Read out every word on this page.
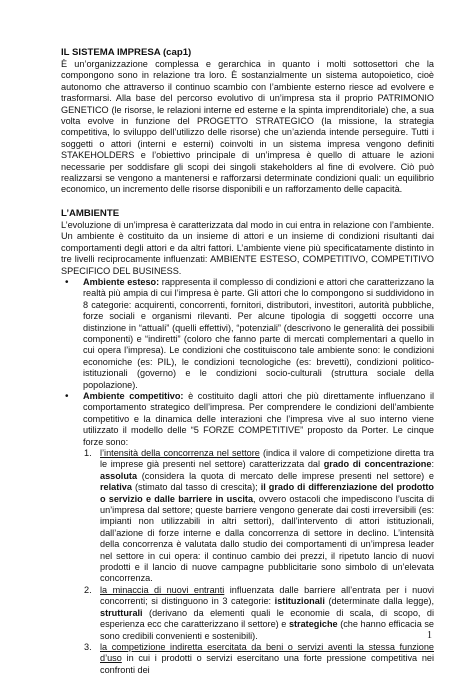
IL SISTEMA IMPRESA (cap1)

È un’organizzazione complessa e gerarchica in quanto i molti sottosettori che la compongono sono in relazione tra loro. È sostanzialmente un sistema autopoietico, cioè autonomo che attraverso il continuo scambio con l’ambiente esterno riesce ad evolvere e trasformarsi. Alla base del percorso evolutivo di un’impresa sta il proprio PATRIMONIO GENETICO (le risorse, le relazioni interne ed esterne e la spinta imprenditoriale) che, a sua volta evolve in funzione del PROGETTO STRATEGICO (la missione, la strategia competitiva, lo sviluppo dell’utilizzo delle risorse) che un’azienda intende perseguire. Tutti i soggetti o attori (interni e esterni) coinvolti in un sistema impresa vengono definiti STAKEHOLDERS e l’obiettivo principale di un’impresa è quello di attuare le azioni necessarie per soddisfare gli scopi dei singoli stakeholders al fine di evolvere. Ciò può realizzarsi se vengono a mantenersi e rafforzarsi determinate condizioni quali: un equilibrio economico, un incremento delle risorse disponibili e un rafforzamento delle capacità.

L’AMBIENTE

L’evoluzione di un’impresa è caratterizzata dal modo in cui entra in relazione con l’ambiente. Un ambiente è costituito da un insieme di attori e un insieme di condizioni risultanti dai comportamenti degli attori e da altri fattori. L’ambiente viene più specificatamente distinto in tre livelli reciprocamente influenzati: AMBIENTE ESTESO, COMPETITIVO, COMPETITIVO SPECIFICO DEL BUSINESS.

• Ambiente esteso: rappresenta il complesso di condizioni e attori che caratterizzano la realtà più ampia di cui l’impresa è parte. Gli attori che lo compongono si suddividono in 8 categorie: acquirenti, concorrenti, fornitori, distributori, investitori, autorità pubbliche, forze sociali e organismi rilevanti. Per alcune tipologia di soggetti occorre una distinzione in “attuali” (quelli effettivi), “potenziali” (descrivono le generalità dei possibili componenti) e “indiretti” (coloro che fanno parte di mercati complementari a quello in cui opera l’impresa). Le condizioni che costituiscono tale ambiente sono: le condizioni economiche (es: PIL), le condizioni tecnologiche (es: brevetti), condizioni politico-istituzionali (governo) e le condizioni socio-culturali (struttura sociale della popolazione).
• Ambiente competitivo: è costituito dagli attori che più direttamente influenzano il comportamento strategico dell’impresa. Per comprendere le condizioni dell’ambiente competitivo e la dinamica delle interazioni che l’impresa vive al suo interno viene utilizzato il modello delle “5 FORZE COMPETITIVE” proposto da Porter. Le cinque forze sono:
1. l’intensità della concorrenza nel settore (indica il valore di competizione diretta tra le imprese già presenti nel settore) caratterizzata dal grado di concentrazione: assoluta (considera la quota di mercato delle imprese presenti nel settore) e relativa (stimato dal tasso di crescita); il grado di differenziazione del prodotto o servizio e dalle barriere in uscita, ovvero ostacoli che impediscono l’uscita di un’impresa dal settore; queste barriere vengono generate dai costi irreversibili (es: impianti non utilizzabili in altri settori), dall’intervento di attori istituzionali, dall’azione di forze interne e dalla concorrenza di settore in declino. L’intensità della concorrenza è valutata dallo studio dei comportamenti di un’impresa leader nel settore in cui opera: il continuo cambio dei prezzi, il ripetuto lancio di nuovi prodotti e il lancio di nuove campagne pubblicitarie sono simbolo di un’elevata concorrenza.
2. la minaccia di nuovi entranti influenzata dalle barriere all’entrata per i nuovi concorrenti; si distinguono in 3 categorie: istituzionali (determinate dalla legge), strutturali (derivano da elementi quali le economie di scala, di scopo, di esperienza ecc che caratterizzano il settore) e strategiche (che hanno efficacia se sono credibili convenienti e sostenibili).
3. la competizione indiretta esercitata da beni o servizi aventi la stessa funzione d’uso in cui i prodotti o servizi esercitano una forte pressione competitiva nei confronti dei
1
